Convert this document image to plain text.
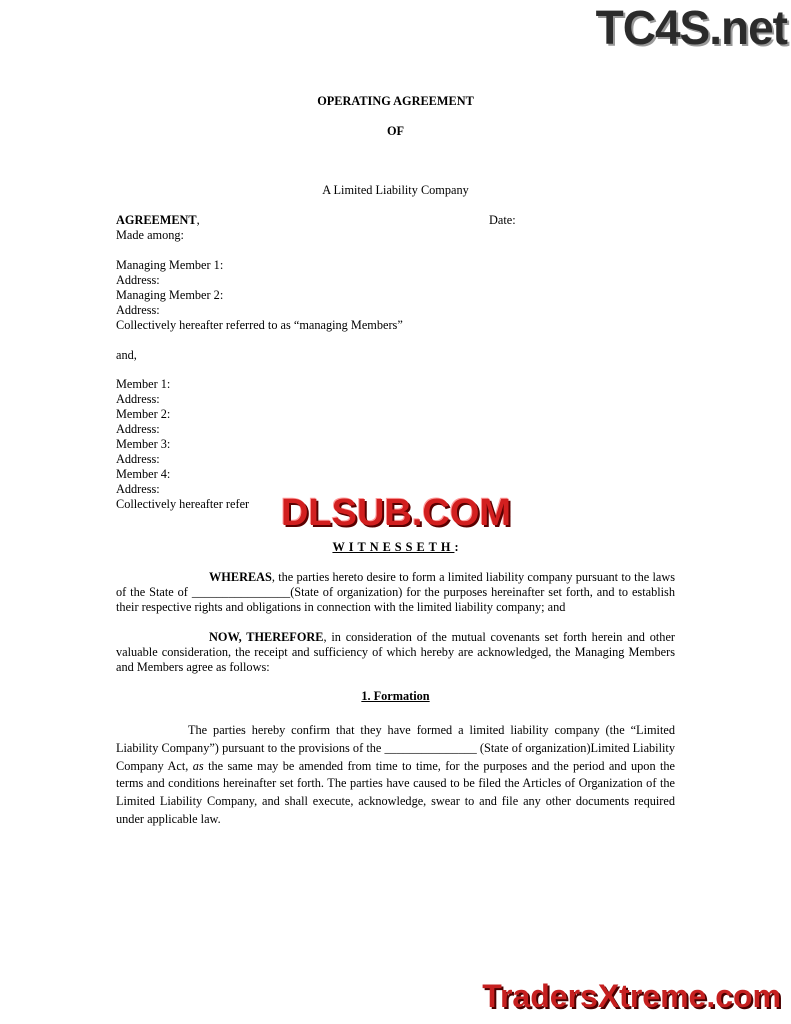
TC4S.net
OPERATING AGREEMENT
OF
A Limited Liability Company
AGREEMENT,	Date:
Made among:
Managing Member 1:
Address:
Managing Member 2:
Address:
Collectively hereafter referred to as “managing Members”
and,
Member 1:
Address:
Member 2:
Address:
Member 3:
Address:
Member 4:
Address:
Collectively hereafter refer DLSUB.COM
WITNESSETH:

WHEREAS, the parties hereto desire to form a limited liability company pursuant to the laws of the State of ________________(State of organization) for the purposes hereinafter set forth, and to establish their respective rights and obligations in connection with the limited liability company; and

NOW, THEREFORE, in consideration of the mutual covenants set forth herein and other valuable consideration, the receipt and sufficiency of which hereby are acknowledged, the Managing Members and Members agree as follows:

1. Formation

The parties hereby confirm that they have formed a limited liability company (the “Limited Liability Company”) pursuant to the provisions of the _______________ (State of organization)Limited Liability Company Act, as the same may be amended from time to time, for the purposes and the period and upon the terms and conditions hereinafter set forth. The parties have caused to be filed the Articles of Organization of the Limited Liability Company, and shall execute, acknowledge, swear to and file any other documents required under applicable law.

TradersXtreme.com
